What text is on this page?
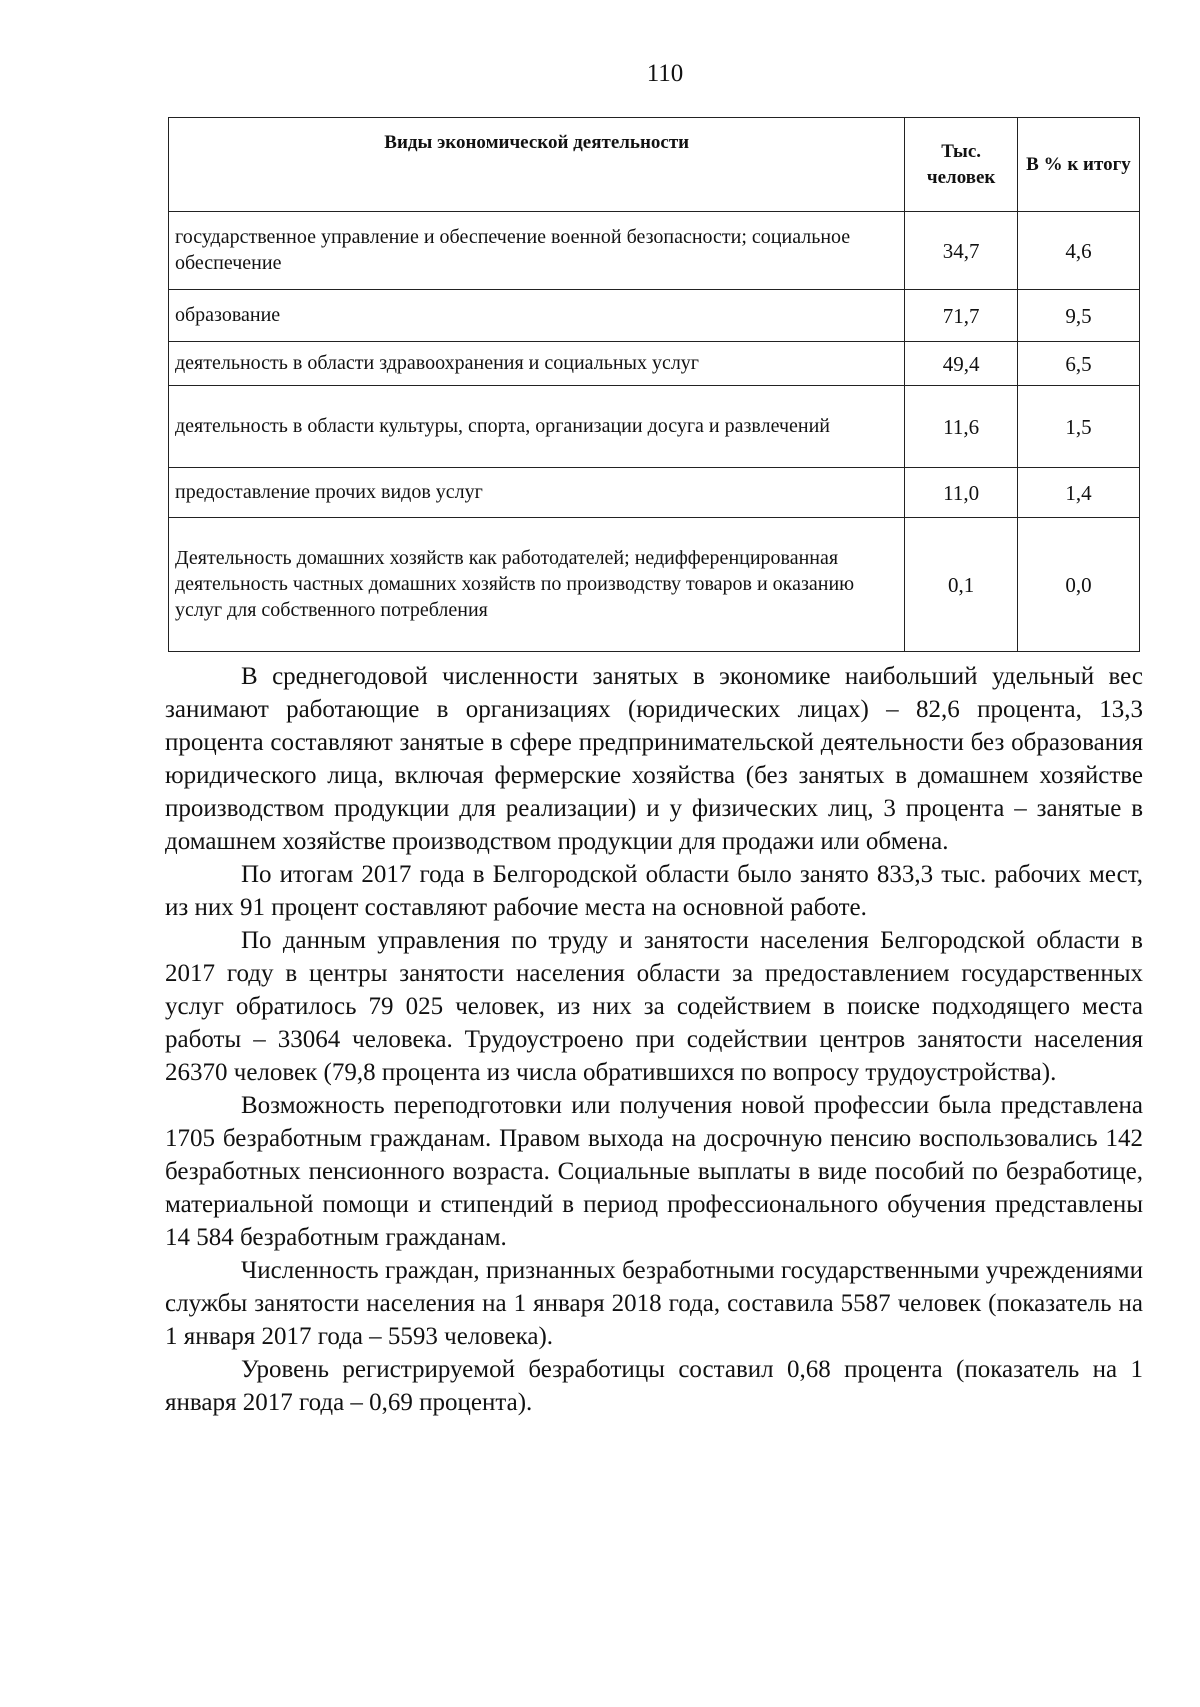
110
Виды экономической деятельности	Тыс. человек	В % к итогу
государственное управление и обеспечение военной безопасности; социальное обеспечение	34,7	4,6
образование	71,7	9,5
деятельность в области здравоохранения и социальных услуг	49,4	6,5
деятельность в области культуры, спорта, организации досуга и развлечений	11,6	1,5
предоставление прочих видов услуг	11,0	1,4
Деятельность домашних хозяйств как работодателей; недифференцированная деятельность частных домашних хозяйств по производству товаров и оказанию услуг для собственного потребления	0,1	0,0

В среднегодовой численности занятых в экономике наибольший удельный вес занимают работающие в организациях (юридических лицах) – 82,6 процента, 13,3 процента составляют занятые в сфере предпринимательской деятельности без образования юридического лица, включая фермерские хозяйства (без занятых в домашнем хозяйстве производством продукции для реализации) и у физических лиц, 3 процента – занятые в домашнем хозяйстве производством продукции для продажи или обмена.

По итогам 2017 года в Белгородской области было занято 833,3 тыс. рабочих мест, из них 91 процент составляют рабочие места на основной работе.

По данным управления по труду и занятости населения Белгородской области в 2017 году в центры занятости населения области за предоставлением государственных услуг обратилось 79 025 человек, из них за содействием в поиске подходящего места работы – 33064 человека. Трудоустроено при содействии центров занятости населения 26370 человек (79,8 процента из числа обратившихся по вопросу трудоустройства).

Возможность переподготовки или получения новой профессии была представлена 1705 безработным гражданам. Правом выхода на досрочную пенсию воспользовались 142 безработных пенсионного возраста. Социальные выплаты в виде пособий по безработице, материальной помощи и стипендий в период профессионального обучения представлены 14 584 безработным гражданам.

Численность граждан, признанных безработными государственными учреждениями службы занятости населения на 1 января 2018 года, составила 5587 человек (показатель на 1 января 2017 года – 5593 человека).

Уровень регистрируемой безработицы составил 0,68 процента (показатель на 1 января 2017 года – 0,69 процента).
